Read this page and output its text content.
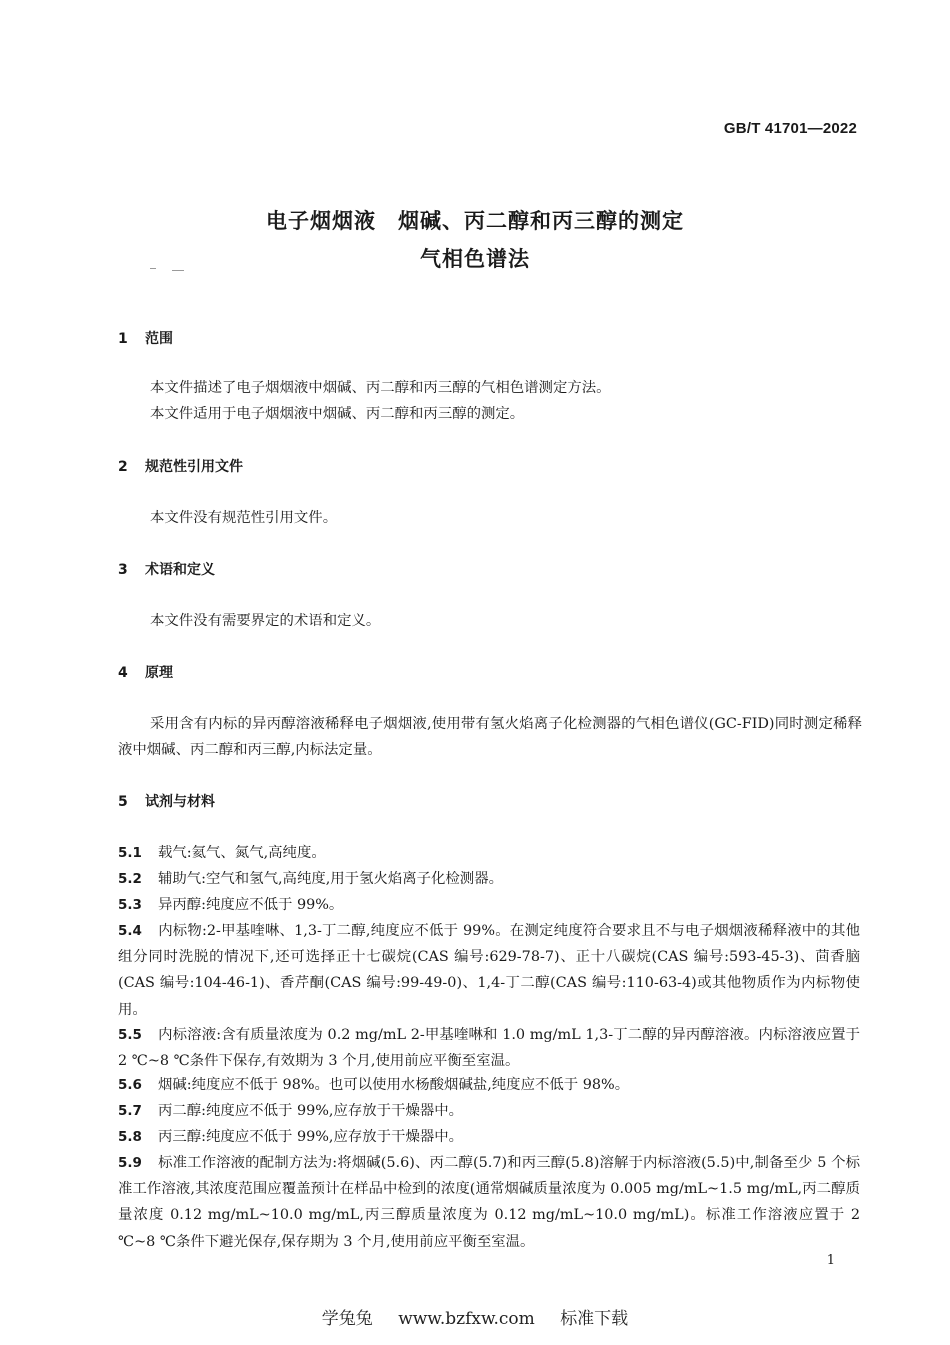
GB/T 41701—2022
电子烟烟液 烟碱、丙二醇和丙三醇的测定
气相色谱法
1 范围
本文件描述了电子烟烟液中烟碱、丙二醇和丙三醇的气相色谱测定方法。
本文件适用于电子烟烟液中烟碱、丙二醇和丙三醇的测定。
2 规范性引用文件
本文件没有规范性引用文件。
3 术语和定义
本文件没有需要界定的术语和定义。
4 原理
采用含有内标的异丙醇溶液稀释电子烟烟液,使用带有氢火焰离子化检测器的气相色谱仪(GC-FID)同时测定稀释液中烟碱、丙二醇和丙三醇,内标法定量。
5 试剂与材料
5.1 载气:氦气、氮气,高纯度。
5.2 辅助气:空气和氢气,高纯度,用于氢火焰离子化检测器。
5.3 异丙醇:纯度应不低于 99%。
5.4 内标物:2-甲基喹啉、1,3-丁二醇,纯度应不低于 99%。在测定纯度符合要求且不与电子烟烟液稀释液中的其他组分同时洗脱的情况下,还可选择正十七碳烷(CAS 编号:629-78-7)、正十八碳烷(CAS 编号:593-45-3)、茴香脑(CAS 编号:104-46-1)、香芹酮(CAS 编号:99-49-0)、1,4-丁二醇(CAS 编号:110-63-4)或其他物质作为内标物使用。
5.5 内标溶液:含有质量浓度为 0.2 mg/mL 2-甲基喹啉和 1.0 mg/mL 1,3-丁二醇的异丙醇溶液。内标溶液应置于 2 ℃~8 ℃条件下保存,有效期为 3 个月,使用前应平衡至室温。
5.6 烟碱:纯度应不低于 98%。也可以使用水杨酸烟碱盐,纯度应不低于 98%。
5.7 丙二醇:纯度应不低于 99%,应存放于干燥器中。
5.8 丙三醇:纯度应不低于 99%,应存放于干燥器中。
5.9 标准工作溶液的配制方法为:将烟碱(5.6)、丙二醇(5.7)和丙三醇(5.8)溶解于内标溶液(5.5)中,制备至少 5 个标准工作溶液,其浓度范围应覆盖预计在样品中检到的浓度(通常烟碱质量浓度为 0.005 mg/mL~1.5 mg/mL,丙二醇质量浓度 0.12 mg/mL~10.0 mg/mL,丙三醇质量浓度为 0.12 mg/mL~10.0 mg/mL)。标准工作溶液应置于 2 ℃~8 ℃条件下避光保存,保存期为 3 个月,使用前应平衡至室温。
1
学兔兔 www.bzfxw.com 标准下载
